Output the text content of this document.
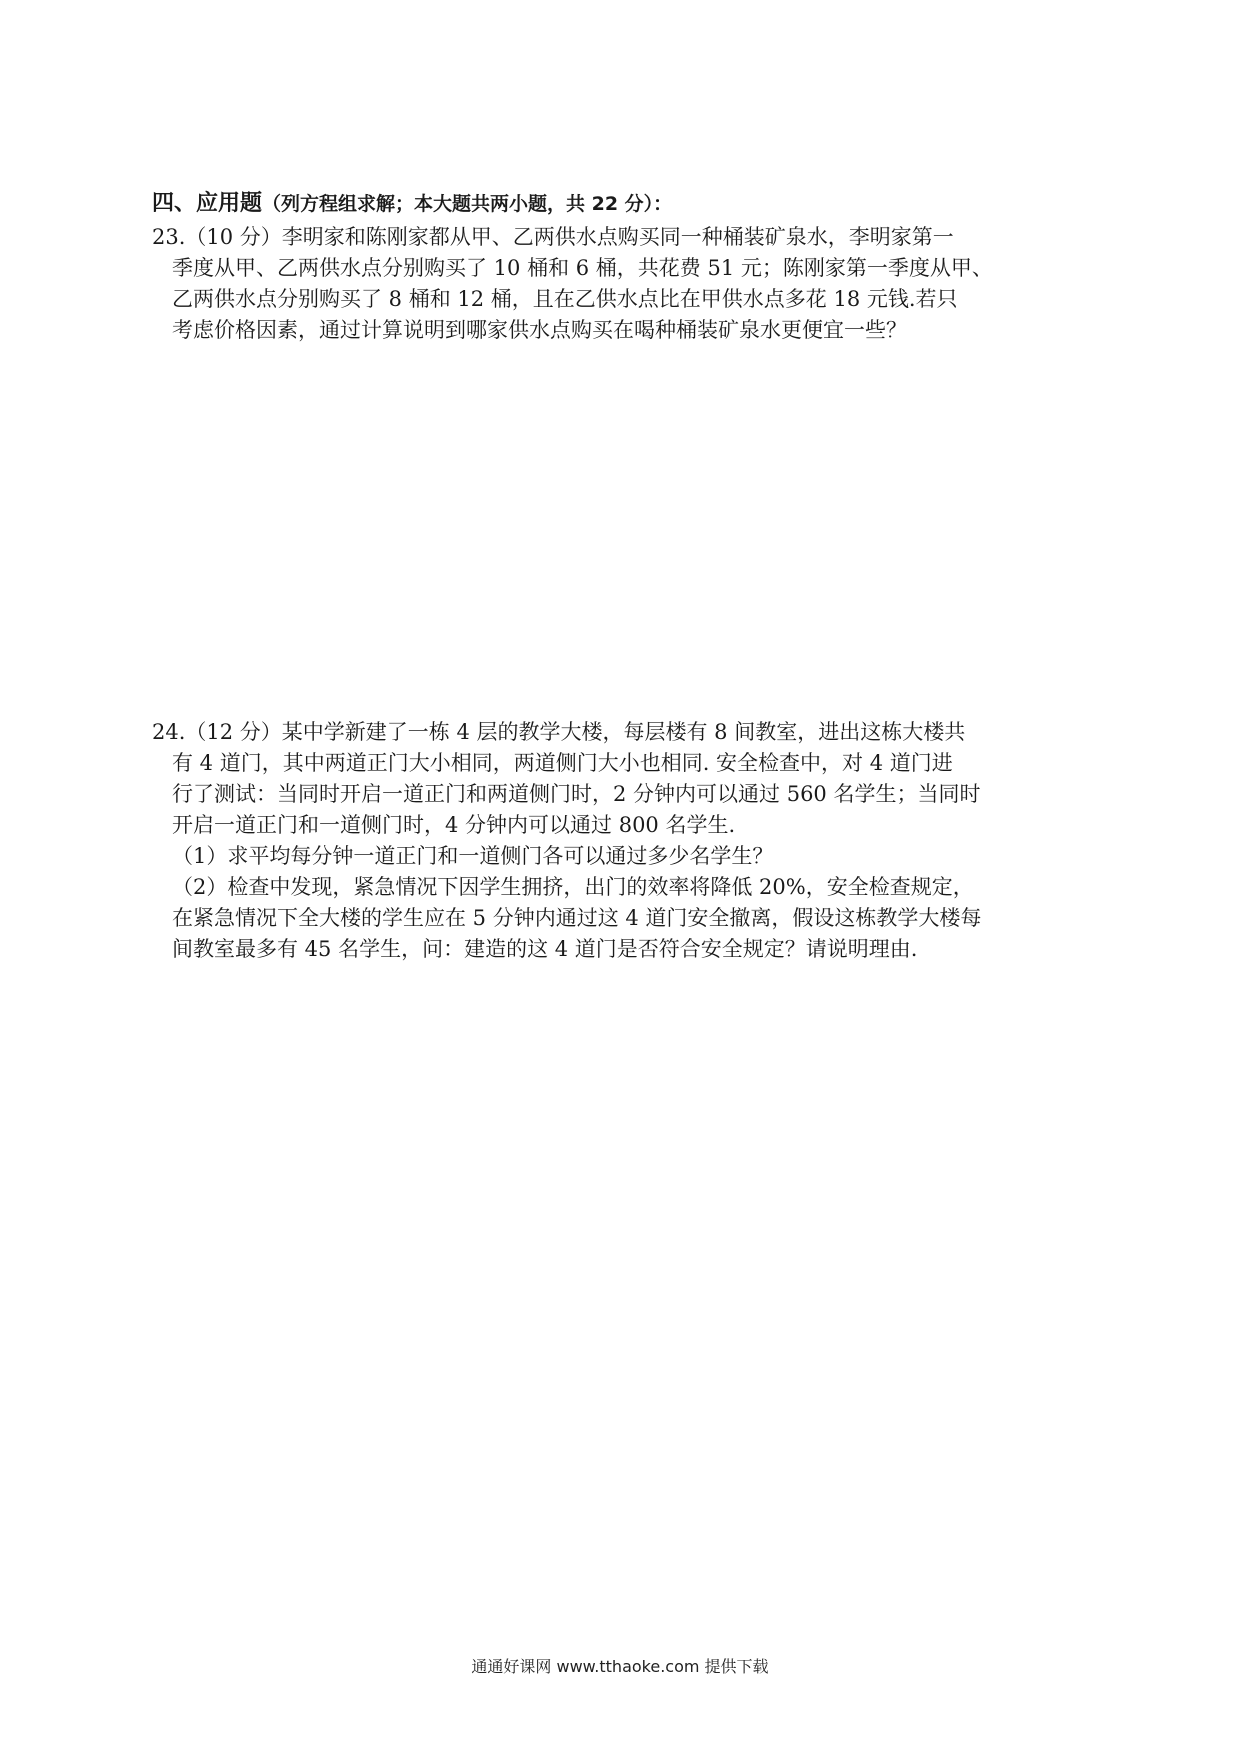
四、应用题（列方程组求解；本大题共两小题，共 22 分）：
23.（10 分）李明家和陈刚家都从甲、乙两供水点购买同一种桶装矿泉水，李明家第一
季度从甲、乙两供水点分别购买了 10 桶和 6 桶，共花费 51 元；陈刚家第一季度从甲、
乙两供水点分别购买了 8 桶和 12 桶，且在乙供水点比在甲供水点多花 18 元钱.若只
考虑价格因素，通过计算说明到哪家供水点购买在喝种桶装矿泉水更便宜一些？
24.（12 分）某中学新建了一栋 4 层的教学大楼，每层楼有 8 间教室，进出这栋大楼共
有 4 道门，其中两道正门大小相同，两道侧门大小也相同. 安全检查中，对 4 道门进
行了测试：当同时开启一道正门和两道侧门时，2 分钟内可以通过 560 名学生；当同时
开启一道正门和一道侧门时，4 分钟内可以通过 800 名学生.
（1）求平均每分钟一道正门和一道侧门各可以通过多少名学生？
（2）检查中发现，紧急情况下因学生拥挤，出门的效率将降低 20%，安全检查规定，
在紧急情况下全大楼的学生应在 5 分钟内通过这 4 道门安全撤离，假设这栋教学大楼每
间教室最多有 45 名学生，问：建造的这 4 道门是否符合安全规定？请说明理由.
通通好课网 www.tthaoke.com 提供下载
